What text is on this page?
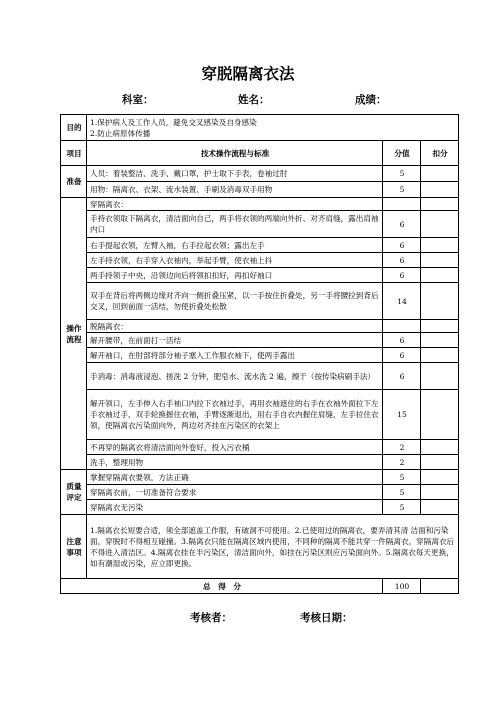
穿脱隔离衣法
科室：	姓名：	成绩：
目的	1.保护病人及工作人员，避免交叉感染及自身感染
2.防止病原体传播		

项目	技术操作流程与标准	分值	扣分
准备	人员：着装整洁、洗手、戴口罩，护士取下手表，卷袖过肘	5	
	用物：隔离衣、衣架、流水装置、手刷及消毒双手用物	5	
操作流程	穿隔离衣：		
	手持衣领取下隔离衣，清洁面向自己，两手将衣领的两端向外折、对齐肩缝，露出肩袖内口	6	
	右手提起衣领，左臂入袖，右手拉起衣领；露出左手	6	
	左手持衣领，右手穿入衣袖内，举起手臂，使衣袖上抖	6	
	两手持领子中央，沿领边向后将领扣扣好，再扣好袖口	6	
	双手在背后将两侧边缘对齐向一侧折叠压紧，以一手按住折叠处，另一手将腰拉到背后交叉，回到前面一活结，勿使折叠处松散	14	
	脱隔离衣：		
	解开腰带，在前面打一活结	6	
	解开袖口，在肘部将部分袖子塞入工作服衣袖下，使两手露出	6	
	手消毒：消毒液浸泡、搓洗 2 分钟，肥皂水、流水洗 2 遍，擦干（按传染病刷手法）	6	
	解开领口，左手伸入右手袖口内拉下衣袖过手，再用衣袖遮住的右手在衣袖外面拉下左手衣袖过手，双手轮换握住衣袖，手臂逐渐退出，用右手自衣内握住肩缝，左手拉住衣领，使隔离衣污染面向外，两边对齐挂在污染区的衣架上	15	
	不再穿的隔离衣将清洁面向外卷好，投入污衣桶	2	
	洗手，整理用物	2	
质量评定	掌握穿隔离衣要领，方法正确	5	
	穿隔离衣前，一切准备符合要求	5	
	穿隔离衣无污染	5	
注意事项	1.隔离衣长短要合适，须全部遮盖工作服，有破洞不可使用。2.已使用过的隔离衣，要弄清其清 洁面和污染面，穿脱时不得相互碰撞。3.隔离衣只能在隔离区域内使用，不同种的隔离不能共穿一件隔离衣，穿隔离衣后不得进入清洁区。4.隔离衣挂在半污染区，清洁面向外，如挂在污染区则应污染面向外。5.隔离衣每天更换，如有潮湿或污染，应立即更换。		
总　得　分		100	
考核者：	考核日期：
